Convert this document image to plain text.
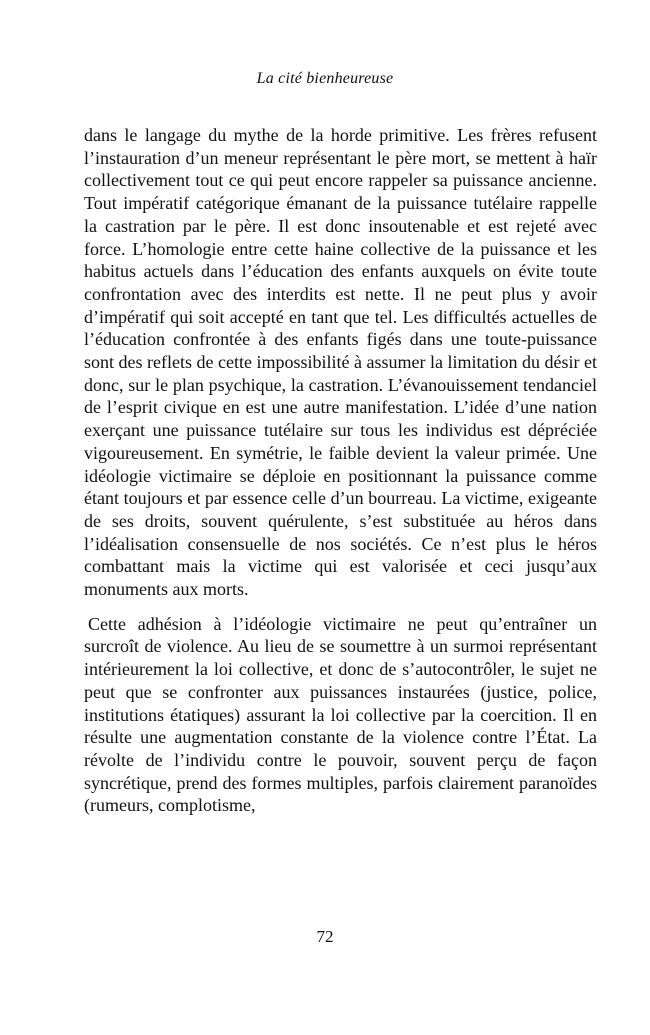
La cité bienheureuse

dans le langage du mythe de la horde primitive. Les frères refusent l’instauration d’un meneur représentant le père mort, se mettent à haïr collectivement tout ce qui peut encore rappeler sa puissance ancienne. Tout impératif catégorique émanant de la puissance tutélaire rappelle la castration par le père. Il est donc insoutenable et est rejeté avec force. L’homologie entre cette haine collective de la puissance et les habitus actuels dans l’éducation des enfants auxquels on évite toute confrontation avec des interdits est nette. Il ne peut plus y avoir d’impératif qui soit accepté en tant que tel. Les difficultés actuelles de l’éducation confrontée à des enfants figés dans une toute-puissance sont des reflets de cette impossibilité à assumer la limitation du désir et donc, sur le plan psychique, la castration. L’évanouissement tendanciel de l’esprit civique en est une autre manifestation. L’idée d’une nation exerçant une puissance tutélaire sur tous les individus est dépréciée vigoureusement. En symétrie, le faible devient la valeur primée. Une idéologie victimaire se déploie en positionnant la puissance comme étant toujours et par essence celle d’un bourreau. La victime, exigeante de ses droits, souvent quérulente, s’est substituée au héros dans l’idéalisation consensuelle de nos sociétés. Ce n’est plus le héros combattant mais la victime qui est valorisée et ceci jusqu’aux monuments aux morts.

Cette adhésion à l’idéologie victimaire ne peut qu’entraîner un surcroît de violence. Au lieu de se soumettre à un surmoi représentant intérieurement la loi collective, et donc de s’autocontrôler, le sujet ne peut que se confronter aux puissances instaurées (justice, police, institutions étatiques) assurant la loi collective par la coercition. Il en résulte une augmentation constante de la violence contre l’État. La révolte de l’individu contre le pouvoir, souvent perçu de façon syncrétique, prend des formes multiples, parfois clairement paranoïdes (rumeurs, complotisme,

72
